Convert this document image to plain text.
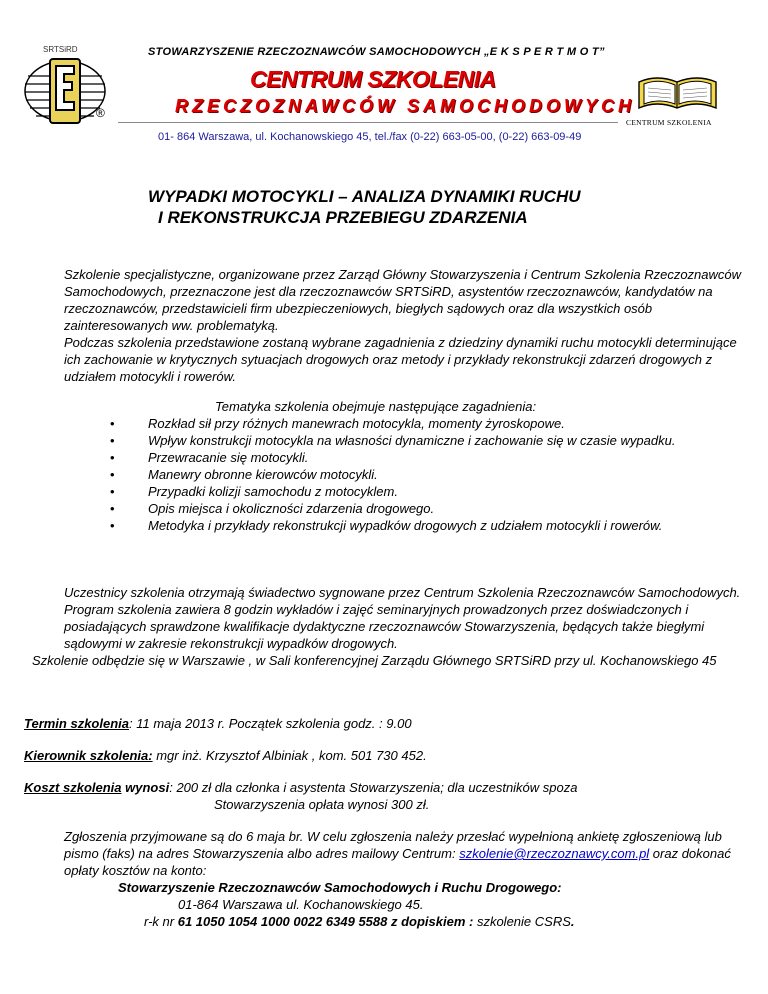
SRTSiRD
®
STOWARZYSZENIE RZECZOZNAWCÓW SAMOCHODOWYCH „E K S P E R T M O T”
CENTRUM SZKOLENIA
RZECZOZNAWCÓW SAMOCHODOWYCH
CENTRUM SZKOLENIA
01- 864 Warszawa, ul. Kochanowskiego 45, tel./fax (0-22) 663-05-00, (0-22) 663-09-49
WYPADKI MOTOCYKLI – ANALIZA DYNAMIKI RUCHU
I REKONSTRUKCJA PRZEBIEGU ZDARZENIA
Szkolenie specjalistyczne, organizowane przez Zarząd Główny Stowarzyszenia i Centrum Szkolenia Rzeczoznawców Samochodowych, przeznaczone jest dla rzeczoznawców SRTSiRD, asystentów rzeczoznawców, kandydatów na rzeczoznawców, przedstawicieli firm ubezpieczeniowych, biegłych sądowych oraz dla wszystkich osób zainteresowanych ww. problematyką.
Podczas szkolenia przedstawione zostaną wybrane zagadnienia z dziedziny dynamiki ruchu motocykli determinujące ich zachowanie w krytycznych sytuacjach drogowych oraz metody i przykłady rekonstrukcji zdarzeń drogowych z udziałem motocykli i rowerów.
Tematyka szkolenia obejmuje następujące zagadnienia:
•	Rozkład sił przy różnych manewrach motocykla, momenty żyroskopowe.
•	Wpływ konstrukcji motocykla na własności dynamiczne i zachowanie się w czasie wypadku.
•	Przewracanie się motocykli.
•	Manewry obronne kierowców motocykli.
•	Przypadki kolizji samochodu z motocyklem.
•	Opis miejsca i okoliczności zdarzenia drogowego.
•	Metodyka i przykłady rekonstrukcji wypadków drogowych z udziałem motocykli i rowerów.
Uczestnicy szkolenia otrzymają świadectwo sygnowane przez Centrum Szkolenia Rzeczoznawców Samochodowych.
Program szkolenia zawiera 8 godzin wykładów i zajęć seminaryjnych prowadzonych przez doświadczonych i posiadających sprawdzone kwalifikacje dydaktyczne rzeczoznawców Stowarzyszenia, będących także biegłymi sądowymi w zakresie rekonstrukcji wypadków drogowych.
Szkolenie odbędzie się w Warszawie , w Sali konferencyjnej Zarządu Głównego SRTSiRD przy ul. Kochanowskiego 45
Termin szkolenia: 11 maja 2013 r. Początek szkolenia godz. : 9.00
Kierownik szkolenia: mgr inż. Krzysztof Albiniak , kom. 501 730 452.
Koszt szkolenia wynosi: 200 zł dla członka i asystenta Stowarzyszenia; dla uczestników spoza
Stowarzyszenia opłata wynosi 300 zł.
Zgłoszenia przyjmowane są do 6 maja br. W celu zgłoszenia należy przesłać wypełnioną ankietę zgłoszeniową lub pismo (faks) na adres Stowarzyszenia albo adres mailowy Centrum: szkolenie@rzeczoznawcy.com.pl oraz dokonać opłaty kosztów na konto:
Stowarzyszenie Rzeczoznawców Samochodowych i Ruchu Drogowego:
01-864 Warszawa ul. Kochanowskiego 45.
r-k nr 61 1050 1054 1000 0022 6349 5588 z dopiskiem : szkolenie CSRS.
